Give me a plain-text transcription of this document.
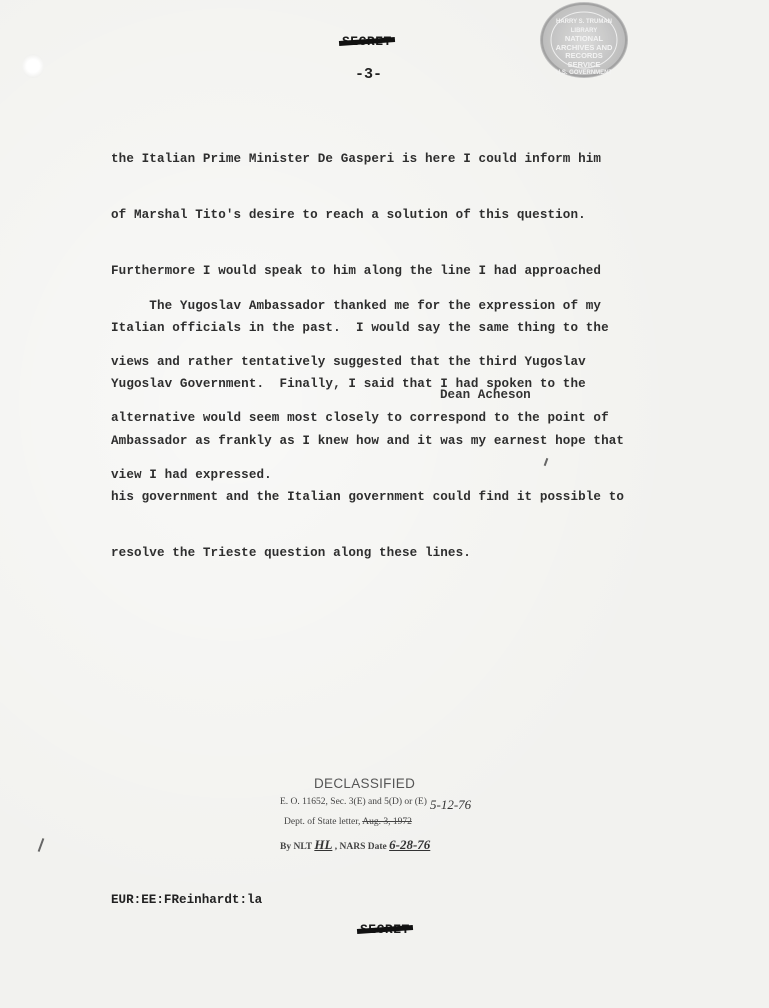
HARRY S. TRUMAN LIBRARY
NATIONAL
ARCHIVES AND
RECORDS
SERVICE
U.S. GOVERNMENT
-3-

the Italian Prime Minister De Gasperi is here I could inform him

of Marshal Tito's desire to reach a solution of this question.

Furthermore I would speak to him along the line I had approached

Italian officials in the past.  I would say the same thing to the

Yugoslav Government.  Finally, I said that I had spoken to the

Ambassador as frankly as I knew how and it was my earnest hope that

his government and the Italian government could find it possible to

resolve the Trieste question along these lines.

The Yugoslav Ambassador thanked me for the expression of my

views and rather tentatively suggested that the third Yugoslav

alternative would seem most closely to correspond to the point of

view I had expressed.

Dean Acheson
DECLASSIFIED
E. O. 11652, Sec. 3(E) and 5(D) or (E)
Dept. of State letter, Aug. 3, 1972
By NLT HL , NARS Date 6-28-76
5-12-76
EUR:EE:FReinhardt:la
